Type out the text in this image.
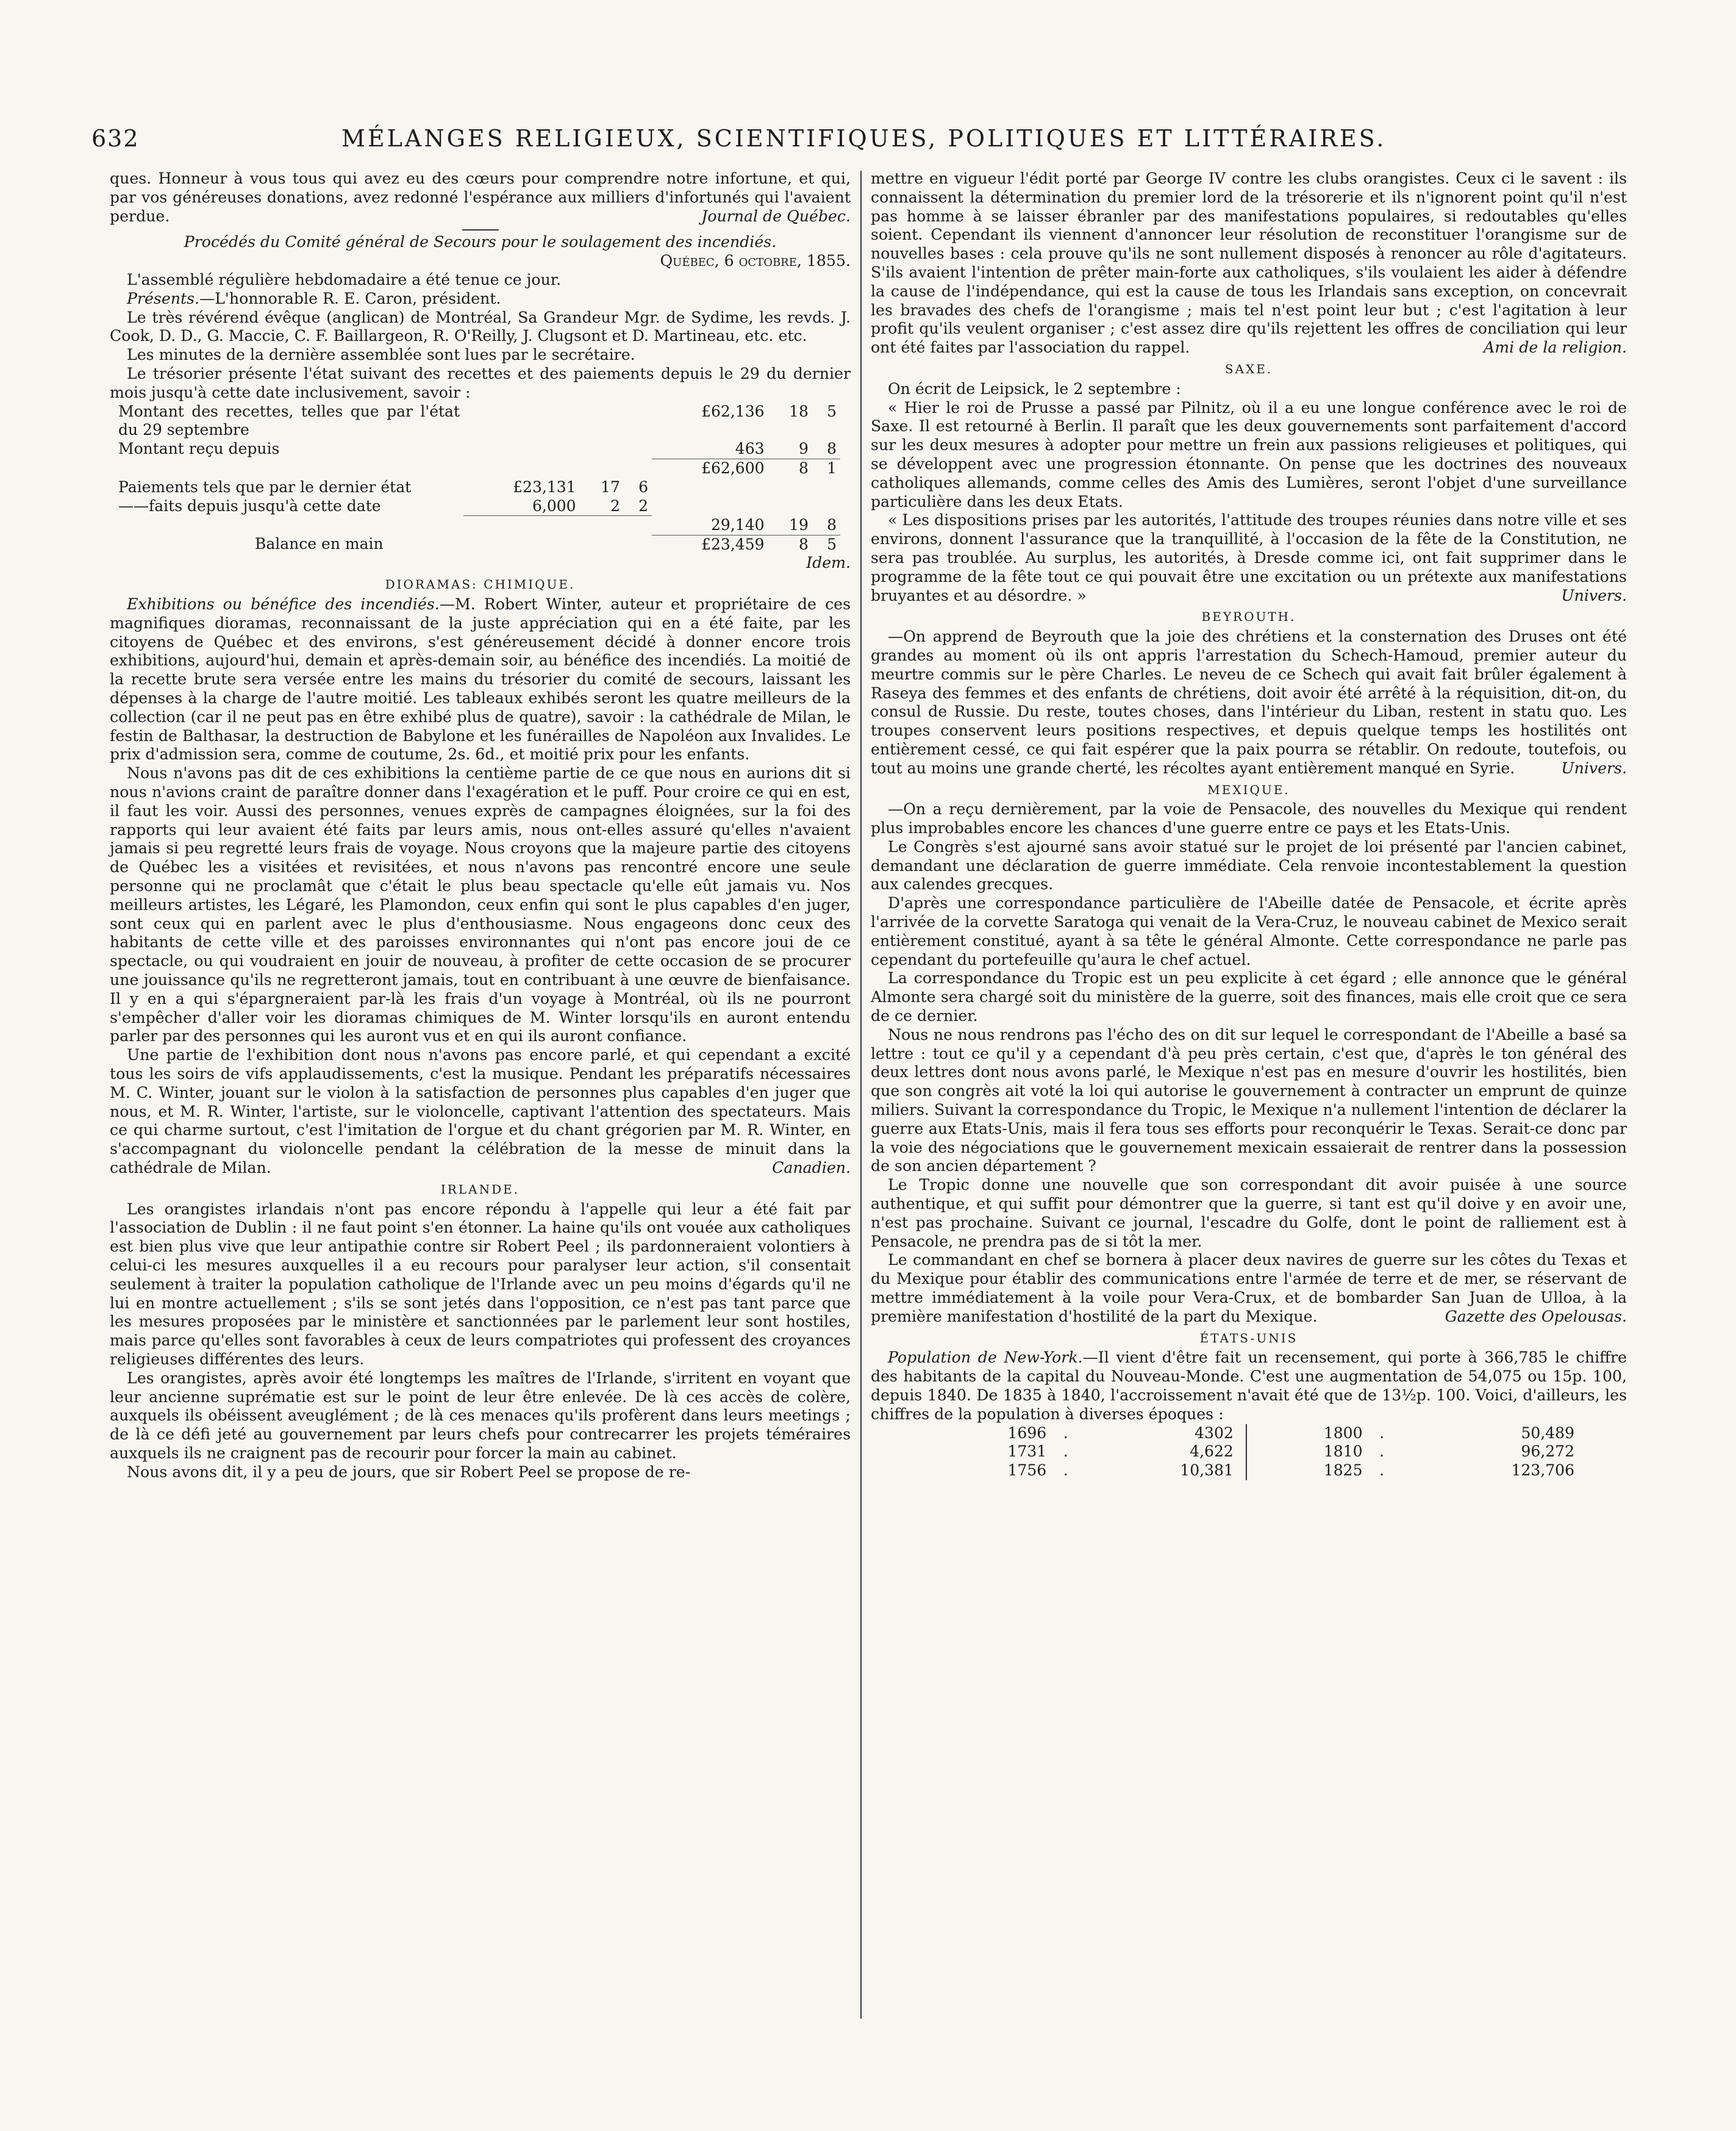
632	MÉLANGES RELIGIEUX, SCIENTIFIQUES, POLITIQUES ET LITTÉRAIRES.

ques. Honneur à vous tous qui avez eu des cœurs pour comprendre notre infortune, et qui, par vos généreuses donations, avez redonné l'espérance aux milliers d'infortunés qui l'avaient perdue.	Journal de Québec.

Procédés du Comité général de Secours pour le soulagement des incendiés.

Québec, 6 octobre, 1855.

L'assemblé régulière hebdomadaire a été tenue ce jour.

Présents.—L'honnorable R. E. Caron, président.

Le très révérend évêque (anglican) de Montréal, Sa Grandeur Mgr. de Sydime, les revds. J. Cook, D. D., G. Maccie, C. F. Baillargeon, R. O'Reilly, J. Clugsont et D. Martineau, etc. etc.

Les minutes de la dernière assemblée sont lues par le secrétaire.

Le trésorier présente l'état suivant des recettes et des paiements depuis le 29 du dernier mois jusqu'à cette date inclusivement, savoir :

Montant des recettes, telles que par l'état du 29 septembre				£62,136	18	5
Montant reçu depuis				463	9	8
				£62,600	8	1
Paiements tels que par le dernier état	£23,131	17	6			
——faits depuis jusqu'à cette date	6,000	2	2			
				29,140	19	8
Balance en main				£23,459	8	5

Idem.

DIORAMAS: CHIMIQUE.

Exhibitions ou bénéfice des incendiés.—M. Robert Winter, auteur et propriétaire de ces magnifiques dioramas, reconnaissant de la juste appréciation qui en a été faite, par les citoyens de Québec et des environs, s'est généreusement décidé à donner encore trois exhibitions, aujourd'hui, demain et après-demain soir, au bénéfice des incendiés. La moitié de la recette brute sera versée entre les mains du trésorier du comité de secours, laissant les dépenses à la charge de l'autre moitié. Les tableaux exhibés seront les quatre meilleurs de la collection (car il ne peut pas en être exhibé plus de quatre), savoir : la cathédrale de Milan, le festin de Balthasar, la destruction de Babylone et les funérailles de Napoléon aux Invalides. Le prix d'admission sera, comme de coutume, 2s. 6d., et moitié prix pour les enfants.

Nous n'avons pas dit de ces exhibitions la centième partie de ce que nous en aurions dit si nous n'avions craint de paraître donner dans l'exagération et le puff. Pour croire ce qui en est, il faut les voir. Aussi des personnes, venues exprès de campagnes éloignées, sur la foi des rapports qui leur avaient été faits par leurs amis, nous ont-elles assuré qu'elles n'avaient jamais si peu regretté leurs frais de voyage. Nous croyons que la majeure partie des citoyens de Québec les a visitées et revisitées, et nous n'avons pas rencontré encore une seule personne qui ne proclamât que c'était le plus beau spectacle qu'elle eût jamais vu. Nos meilleurs artistes, les Légaré, les Plamondon, ceux enfin qui sont le plus capables d'en juger, sont ceux qui en parlent avec le plus d'enthousiasme. Nous engageons donc ceux des habitants de cette ville et des paroisses environnantes qui n'ont pas encore joui de ce spectacle, ou qui voudraient en jouir de nouveau, à profiter de cette occasion de se procurer une jouissance qu'ils ne regretteront jamais, tout en contribuant à une œuvre de bienfaisance. Il y en a qui s'épargneraient par-là les frais d'un voyage à Montréal, où ils ne pourront s'empêcher d'aller voir les dioramas chimiques de M. Winter lorsqu'ils en auront entendu parler par des personnes qui les auront vus et en qui ils auront confiance.

Une partie de l'exhibition dont nous n'avons pas encore parlé, et qui cependant a excité tous les soirs de vifs applaudissements, c'est la musique. Pendant les préparatifs nécessaires M. C. Winter, jouant sur le violon à la satisfaction de personnes plus capables d'en juger que nous, et M. R. Winter, l'artiste, sur le violoncelle, captivant l'attention des spectateurs. Mais ce qui charme surtout, c'est l'imitation de l'orgue et du chant grégorien par M. R. Winter, en s'accompagnant du violoncelle pendant la célébration de la messe de minuit dans la cathédrale de Milan.	Canadien.

IRLANDE.

Les orangistes irlandais n'ont pas encore répondu à l'appelle qui leur a été fait par l'association de Dublin : il ne faut point s'en étonner. La haine qu'ils ont vouée aux catholiques est bien plus vive que leur antipathie contre sir Robert Peel ; ils pardonneraient volontiers à celui-ci les mesures auxquelles il a eu recours pour paralyser leur action, s'il consentait seulement à traiter la population catholique de l'Irlande avec un peu moins d'égards qu'il ne lui en montre actuellement ; s'ils se sont jetés dans l'opposition, ce n'est pas tant parce que les mesures proposées par le ministère et sanctionnées par le parlement leur sont hostiles, mais parce qu'elles sont favorables à ceux de leurs compatriotes qui professent des croyances religieuses différentes des leurs.

Les orangistes, après avoir été longtemps les maîtres de l'Irlande, s'irritent en voyant que leur ancienne suprématie est sur le point de leur être enlevée. De là ces accès de colère, auxquels ils obéissent aveuglément ; de là ces menaces qu'ils profèrent dans leurs meetings ; de là ce défi jeté au gouvernement par leurs chefs pour contrecarrer les projets téméraires auxquels ils ne craignent pas de recourir pour forcer la main au cabinet.

Nous avons dit, il y a peu de jours, que sir Robert Peel se propose de re-

mettre en vigueur l'édit porté par George IV contre les clubs orangistes. Ceux ci le savent : ils connaissent la détermination du premier lord de la trésorerie et ils n'ignorent point qu'il n'est pas homme à se laisser ébranler par des manifestations populaires, si redoutables qu'elles soient. Cependant ils viennent d'annoncer leur résolution de reconstituer l'orangisme sur de nouvelles bases : cela prouve qu'ils ne sont nullement disposés à renoncer au rôle d'agitateurs. S'ils avaient l'intention de prêter main-forte aux catholiques, s'ils voulaient les aider à défendre la cause de l'indépendance, qui est la cause de tous les Irlandais sans exception, on concevrait les bravades des chefs de l'orangisme ; mais tel n'est point leur but ; c'est l'agitation à leur profit qu'ils veulent organiser ; c'est assez dire qu'ils rejettent les offres de conciliation qui leur ont été faites par l'association du rappel.	Ami de la religion.

SAXE.

On écrit de Leipsick, le 2 septembre :

« Hier le roi de Prusse a passé par Pilnitz, où il a eu une longue conférence avec le roi de Saxe. Il est retourné à Berlin. Il paraît que les deux gouvernements sont parfaitement d'accord sur les deux mesures à adopter pour mettre un frein aux passions religieuses et politiques, qui se développent avec une progression étonnante. On pense que les doctrines des nouveaux catholiques allemands, comme celles des Amis des Lumières, seront l'objet d'une surveillance particulière dans les deux Etats.

« Les dispositions prises par les autorités, l'attitude des troupes réunies dans notre ville et ses environs, donnent l'assurance que la tranquillité, à l'occasion de la fête de la Constitution, ne sera pas troublée. Au surplus, les autorités, à Dresde comme ici, ont fait supprimer dans le programme de la fête tout ce qui pouvait être une excitation ou un prétexte aux manifestations bruyantes et au désordre. »	Univers.

BEYROUTH.

—On apprend de Beyrouth que la joie des chrétiens et la consternation des Druses ont été grandes au moment où ils ont appris l'arrestation du Schech-Hamoud, premier auteur du meurtre commis sur le père Charles. Le neveu de ce Schech qui avait fait brûler également à Raseya des femmes et des enfants de chrétiens, doit avoir été arrêté à la réquisition, dit-on, du consul de Russie. Du reste, toutes choses, dans l'intérieur du Liban, restent in statu quo. Les troupes conservent leurs positions respectives, et depuis quelque temps les hostilités ont entièrement cessé, ce qui fait espérer que la paix pourra se rétablir. On redoute, toutefois, ou tout au moins une grande cherté, les récoltes ayant entièrement manqué en Syrie.	Univers.

MEXIQUE.

—On a reçu dernièrement, par la voie de Pensacole, des nouvelles du Mexique qui rendent plus improbables encore les chances d'une guerre entre ce pays et les Etats-Unis.

Le Congrès s'est ajourné sans avoir statué sur le projet de loi présenté par l'ancien cabinet, demandant une déclaration de guerre immédiate. Cela renvoie incontestablement la question aux calendes grecques.

D'après une correspondance particulière de l'Abeille datée de Pensacole, et écrite après l'arrivée de la corvette Saratoga qui venait de la Vera-Cruz, le nouveau cabinet de Mexico serait entièrement constitué, ayant à sa tête le général Almonte. Cette correspondance ne parle pas cependant du portefeuille qu'aura le chef actuel.

La correspondance du Tropic est un peu explicite à cet égard ; elle annonce que le général Almonte sera chargé soit du ministère de la guerre, soit des finances, mais elle croit que ce sera de ce dernier.

Nous ne nous rendrons pas l'écho des on dit sur lequel le correspondant de l'Abeille a basé sa lettre : tout ce qu'il y a cependant d'à peu près certain, c'est que, d'après le ton général des deux lettres dont nous avons parlé, le Mexique n'est pas en mesure d'ouvrir les hostilités, bien que son congrès ait voté la loi qui autorise le gouvernement à contracter un emprunt de quinze miliers. Suivant la correspondance du Tropic, le Mexique n'a nullement l'intention de déclarer la guerre aux Etats-Unis, mais il fera tous ses efforts pour reconquérir le Texas. Serait-ce donc par la voie des négociations que le gouvernement mexicain essaierait de rentrer dans la possession de son ancien département ?

Le Tropic donne une nouvelle que son correspondant dit avoir puisée à une source authentique, et qui suffit pour démontrer que la guerre, si tant est qu'il doive y en avoir une, n'est pas prochaine. Suivant ce journal, l'escadre du Golfe, dont le point de ralliement est à Pensacole, ne prendra pas de si tôt la mer.

Le commandant en chef se bornera à placer deux navires de guerre sur les côtes du Texas et du Mexique pour établir des communications entre l'armée de terre et de mer, se réservant de mettre immédiatement à la voile pour Vera-Crux, et de bombarder San Juan de Ulloa, à la première manifestation d'hostilité de la part du Mexique.	Gazette des Opelousas.

ÉTATS-UNIS

Population de New-York.—Il vient d'être fait un recensement, qui porte à 366,785 le chiffre des habitants de la capital du Nouveau-Monde. C'est une augmentation de 54,075 ou 15p. 100, depuis 1840. De 1835 à 1840, l'accroissement n'avait été que de 13½p. 100. Voici, d'ailleurs, les chiffres de la population à diverses époques :

1696	.	4302		1800	.	50,489
1731	.	4,622		1810	.	96,272
1756	.	10,381		1825	.	123,706
